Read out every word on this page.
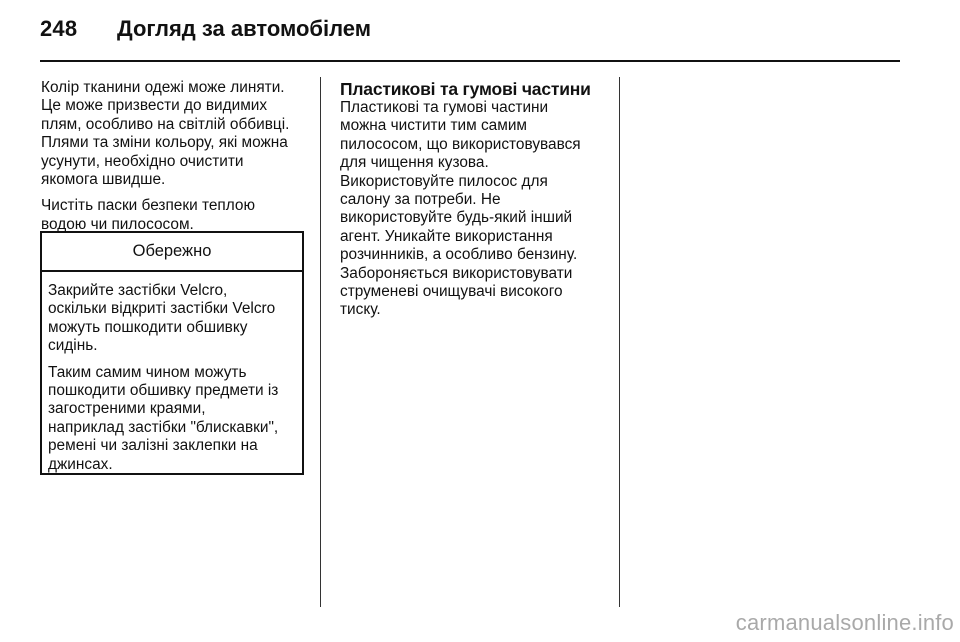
248 Догляд за автомобілем

Колір тканини одежі може линяти.
Це може призвести до видимих
плям, особливо на світлій оббивці.
Плями та зміни кольору, які можна
усунути, необхідно очистити
якомога швидше.

Чистіть паски безпеки теплою
водою чи пилососом.

Обережно

Закрийте застібки Velcro,
оскільки відкриті застібки Velcro
можуть пошкодити обшивку
сидінь.

Таким самим чином можуть
пошкодити обшивку предмети із
загостреними краями,
наприклад застібки "блискавки",
ремені чи залізні заклепки на
джинсах.

Пластикові та гумові частини

Пластикові та гумові частини
можна чистити тим самим
пилососом, що використовувався
для чищення кузова.
Використовуйте пилосос для
салону за потреби. Не
використовуйте будь-який інший
агент. Уникайте використання
розчинників, а особливо бензину.
Забороняється використовувати
струменеві очищувачі високого
тиску.

carmanualsonline.info
